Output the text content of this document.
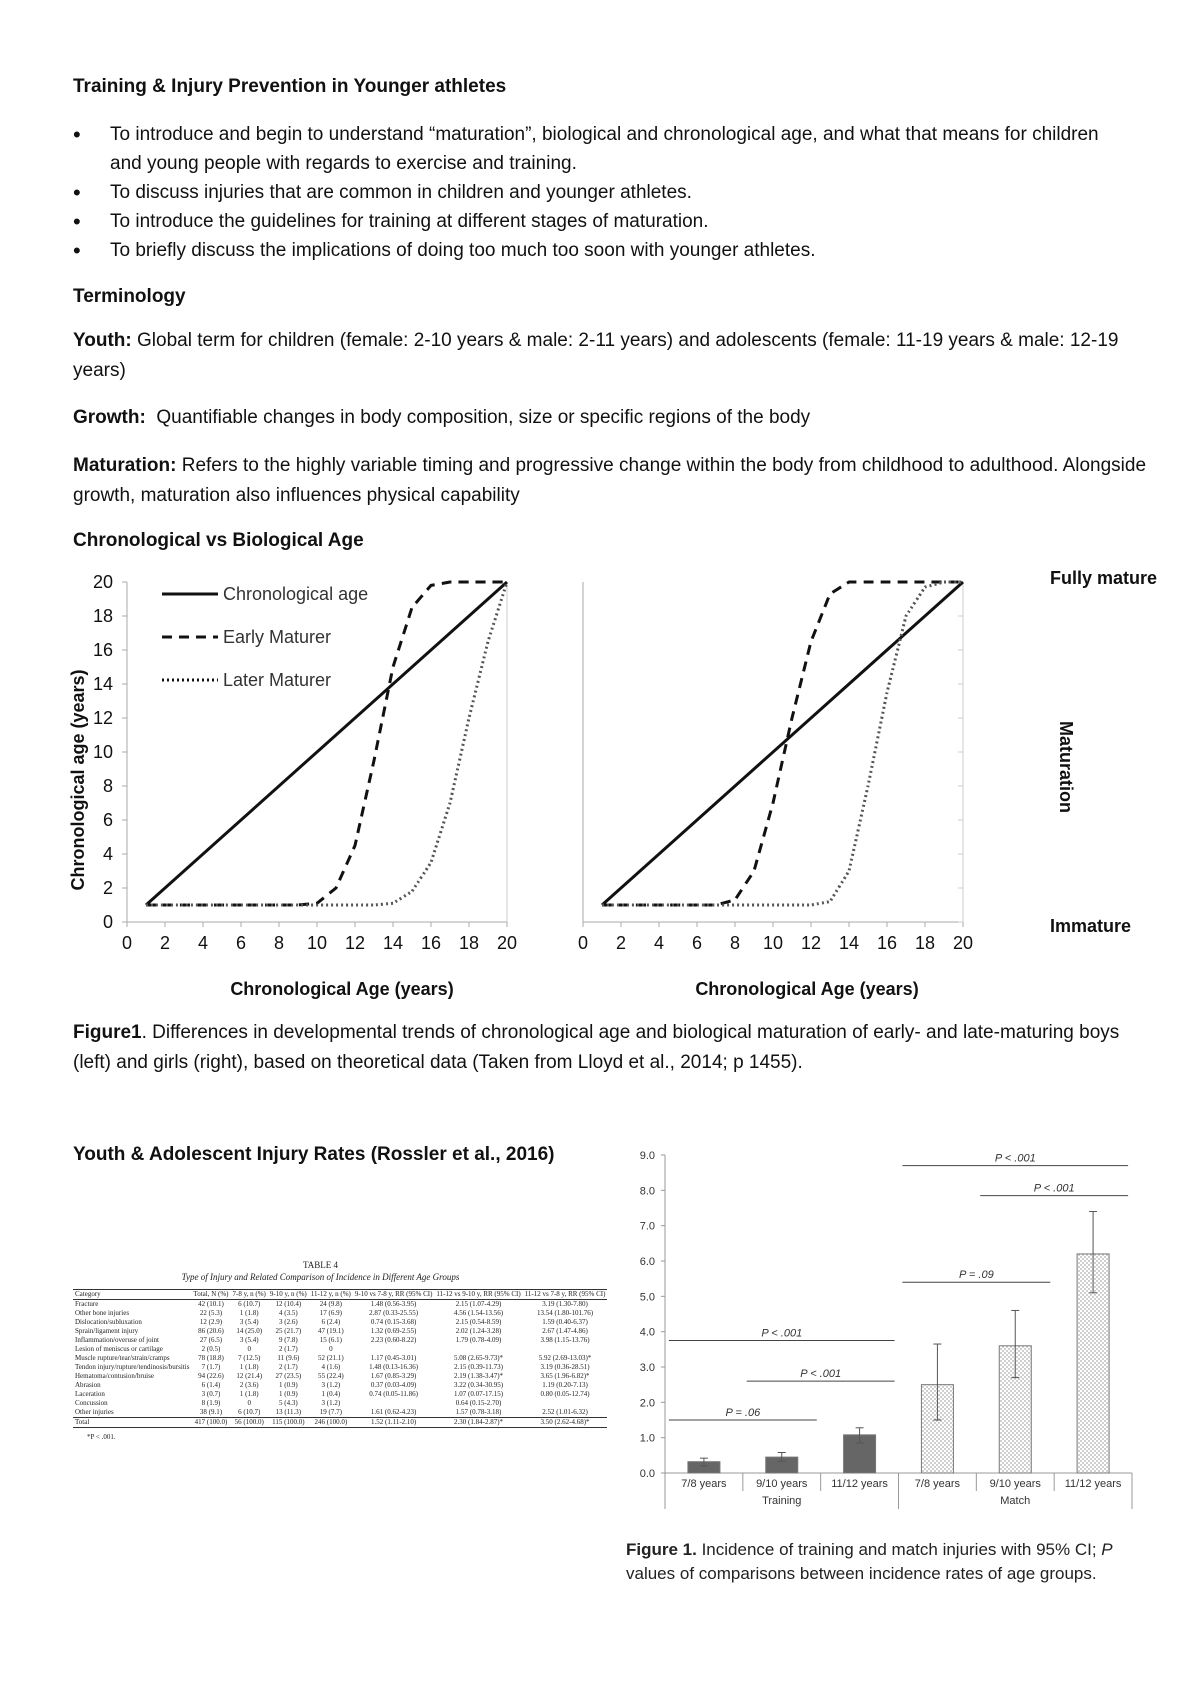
Training & Injury Prevention in Younger athletes
• To introduce and begin to understand “maturation”, biological and chronological age, and what that means for children and young people with regards to exercise and training.
• To discuss injuries that are common in children and younger athletes.
• To introduce the guidelines for training at different stages of maturation.
• To briefly discuss the implications of doing too much too soon with younger athletes.
Terminology
Youth: Global term for children (female: 2-10 years & male: 2-11 years) and adolescents (female: 11-19 years & male: 12-19 years)
Growth:  Quantifiable changes in body composition, size or specific regions of the body
Maturation: Refers to the highly variable timing and progressive change within the body from childhood to adulthood. Alongside growth, maturation also influences physical capability
Chronological vs Biological Age
0 2 4 6 8 10 12 14 16 18 20
0
2
4
6
8
10
12
14
16
18
20
0 2 4 6 8 10 12 14 16 18 20
Chronological age
Early Maturer
Later Maturer
Chronological age (years)
Chronological Age (years)	Chronological Age (years)
Fully mature
Immature
Maturation
Figure1. Differences in developmental trends of chronological age and biological maturation of early- and late-maturing boys (left) and girls (right), based on theoretical data (Taken from Lloyd et al., 2014; p 1455).
Youth & Adolescent Injury Rates (Rossler et al., 2016)
TABLE 4
Type of Injury and Related Comparison of Incidence in Different Age Groups
Category	Total, N (%)	7-8 y, n (%)	9-10 y, n (%)	11-12 y, n (%)	9-10 vs 7-8 y, RR (95% CI)	11-12 vs 9-10 y, RR (95% CI)	11-12 vs 7-8 y, RR (95% CI)
Fracture	42 (10.1)	6 (10.7)	12 (10.4)	24 (9.8)	1.48 (0.56-3.95)	2.15 (1.07-4.29)	3.19 (1.30-7.80)
Other bone injuries	22 (5.3)	1 (1.8)	4 (3.5)	17 (6.9)	2.87 (0.33-25.55)	4.56 (1.54-13.56)	13.54 (1.80-101.76)
Dislocation/subluxation	12 (2.9)	3 (5.4)	3 (2.6)	6 (2.4)	0.74 (0.15-3.68)	2.15 (0.54-8.59)	1.59 (0.40-6.37)
Sprain/ligament injury	86 (20.6)	14 (25.0)	25 (21.7)	47 (19.1)	1.32 (0.69-2.55)	2.02 (1.24-3.28)	2.67 (1.47-4.86)
Inflammation/overuse of joint	27 (6.5)	3 (5.4)	9 (7.8)	15 (6.1)	2.23 (0.60-8.22)	1.79 (0.78-4.09)	3.98 (1.15-13.76)
Lesion of meniscus or cartilage	2 (0.5)	0	2 (1.7)	0			
Muscle rupture/tear/strain/cramps	78 (18.8)	7 (12.5)	11 (9.6)	52 (21.1)	1.17 (0.45-3.01)	5.08 (2.65-9.73)*	5.92 (2.69-13.03)*
Tendon injury/rupture/tendinosis/bursitis	7 (1.7)	1 (1.8)	2 (1.7)	4 (1.6)	1.48 (0.13-16.36)	2.15 (0.39-11.73)	3.19 (0.36-28.51)
Hematoma/contusion/bruise	94 (22.6)	12 (21.4)	27 (23.5)	55 (22.4)	1.67 (0.85-3.29)	2.19 (1.38-3.47)*	3.65 (1.96-6.82)*
Abrasion	6 (1.4)	2 (3.6)	1 (0.9)	3 (1.2)	0.37 (0.03-4.09)	3.22 (0.34-30.95)	1.19 (0.20-7.13)
Laceration	3 (0.7)	1 (1.8)	1 (0.9)	1 (0.4)	0.74 (0.05-11.86)	1.07 (0.07-17.15)	0.80 (0.05-12.74)
Concussion	8 (1.9)	0	5 (4.3)	3 (1.2)		0.64 (0.15-2.70)	
Other injuries	38 (9.1)	6 (10.7)	13 (11.3)	19 (7.7)	1.61 (0.62-4.23)	1.57 (0.78-3.18)	2.52 (1.01-6.32)
Total	417 (100.0)	56 (100.0)	115 (100.0)	246 (100.0)	1.52 (1.11-2.10)	2.30 (1.84-2.87)*	3.50 (2.62-4.68)*
*P < .001.
0.0
1.0
2.0
3.0
4.0
5.0
6.0
7.0
8.0
9.0
7/8 years	9/10 years 11/12 years 7/8 years	9/10 years 11/12 years
Training	Match
P = .06
P < .001
P < .001
P = .09
P < .001
P < .001
Figure 1. Incidence of training and match injuries with 95% CI; P values of comparisons between incidence rates of age groups.
